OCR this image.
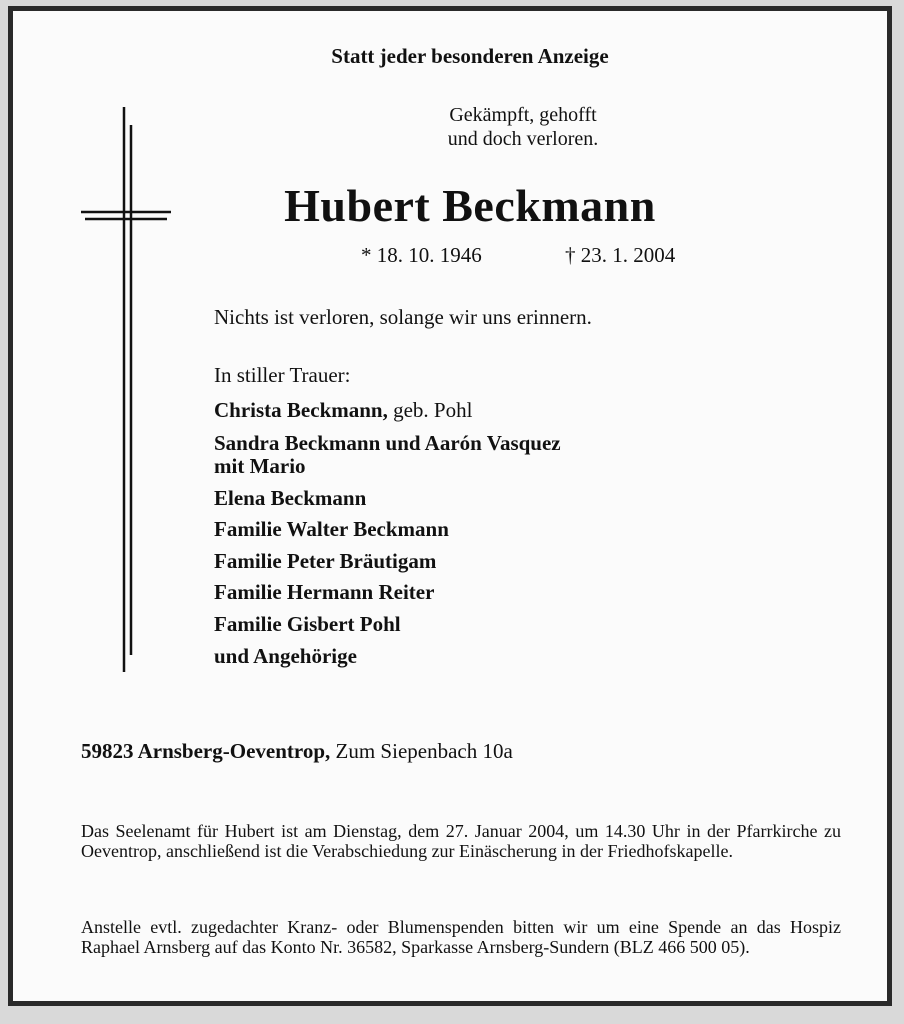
Statt jeder besonderen Anzeige
Gekämpft, gehofft
und doch verloren.
Hubert Beckmann
* 18. 10. 1946	† 23. 1. 2004
Nichts ist verloren, solange wir uns erinnern.
In stiller Trauer:
Christa Beckmann, geb. Pohl
Sandra Beckmann und Aarón Vasquez
mit Mario
Elena Beckmann
Familie Walter Beckmann
Familie Peter Bräutigam
Familie Hermann Reiter
Familie Gisbert Pohl
und Angehörige
59823 Arnsberg-Oeventrop, Zum Siepenbach 10a
Das Seelenamt für Hubert ist am Dienstag, dem 27. Januar 2004, um 14.30 Uhr in der Pfarrkirche zu Oeventrop, anschließend ist die Verabschiedung zur Einäscherung in der Friedhofskapelle.
Anstelle evtl. zugedachter Kranz- oder Blumenspenden bitten wir um eine Spende an das Hospiz Raphael Arnsberg auf das Konto Nr. 36582, Sparkasse Arnsberg-Sundern (BLZ 466 500 05).
